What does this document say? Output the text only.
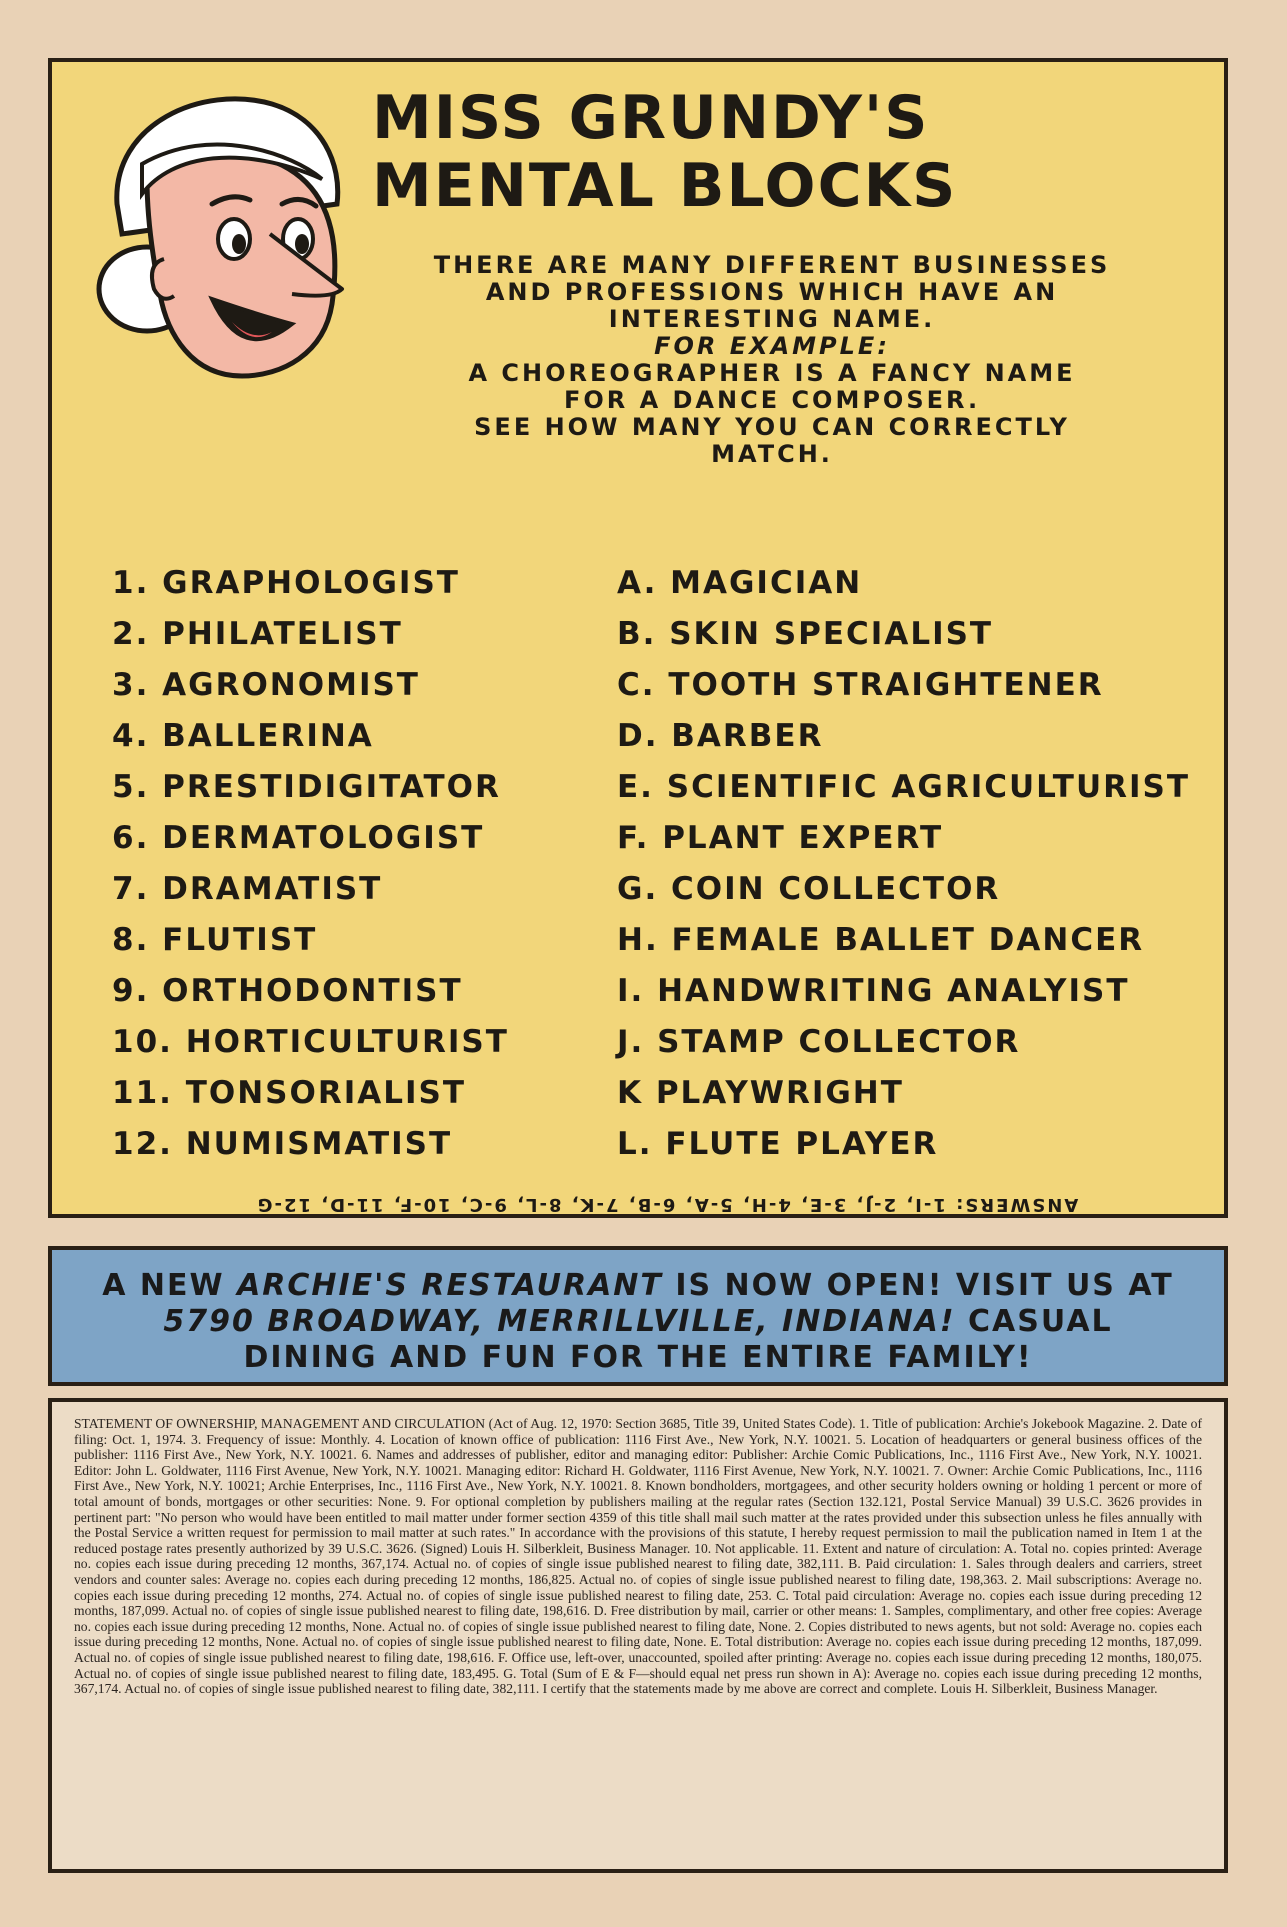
MISS GRUNDY'S
MENTAL BLOCKS
THERE ARE MANY DIFFERENT BUSINESSES
AND PROFESSIONS WHICH HAVE AN
INTERESTING NAME.
FOR EXAMPLE:
A CHOREOGRAPHER IS A FANCY NAME
FOR A DANCE COMPOSER.
SEE HOW MANY YOU CAN CORRECTLY
MATCH.
1. GRAPHOLOGIST
2. PHILATELIST
3. AGRONOMIST
4. BALLERINA
5. PRESTIDIGITATOR
6. DERMATOLOGIST
7. DRAMATIST
8. FLUTIST
9. ORTHODONTIST
10. HORTICULTURIST
11. TONSORIALIST
12. NUMISMATIST
A. MAGICIAN
B. SKIN SPECIALIST
C. TOOTH STRAIGHTENER
D. BARBER
E. SCIENTIFIC AGRICULTURIST
F. PLANT EXPERT
G. COIN COLLECTOR
H. FEMALE BALLET DANCER
I. HANDWRITING ANALYIST
J. STAMP COLLECTOR
K PLAYWRIGHT
L. FLUTE PLAYER
ANSWERS: 1-I, 2-J, 3-E, 4-H, 5-A, 6-B, 7-K, 8-L, 9-C, 10-F, 11-D, 12-G
A NEW ARCHIE'S RESTAURANT IS NOW OPEN! VISIT US AT 5790 BROADWAY, MERRILLVILLE, INDIANA! CASUAL DINING AND FUN FOR THE ENTIRE FAMILY!
STATEMENT OF OWNERSHIP, MANAGEMENT AND CIRCULATION (Act of Aug. 12, 1970: Section 3685, Title 39, United States Code). 1. Title of publication: Archie's Jokebook Magazine. 2. Date of filing: Oct. 1, 1974. 3. Frequency of issue: Monthly. 4. Location of known office of publication: 1116 First Ave., New York, N.Y. 10021. 5. Location of headquarters or general business offices of the publisher: 1116 First Ave., New York, N.Y. 10021. 6. Names and addresses of publisher, editor and managing editor: Publisher: Archie Comic Publications, Inc., 1116 First Ave., New York, N.Y. 10021. Editor: John L. Goldwater, 1116 First Avenue, New York, N.Y. 10021. Managing editor: Richard H. Goldwater, 1116 First Avenue, New York, N.Y. 10021. 7. Owner: Archie Comic Publications, Inc., 1116 First Ave., New York, N.Y. 10021; Archie Enterprises, Inc., 1116 First Ave., New York, N.Y. 10021. 8. Known bondholders, mortgagees, and other security holders owning or holding 1 percent or more of total amount of bonds, mortgages or other securities: None. 9. For optional completion by publishers mailing at the regular rates (Section 132.121, Postal Service Manual) 39 U.S.C. 3626 provides in pertinent part: "No person who would have been entitled to mail matter under former section 4359 of this title shall mail such matter at the rates provided under this subsection unless he files annually with the Postal Service a written request for permission to mail matter at such rates." In accordance with the provisions of this statute, I hereby request permission to mail the publication named in Item 1 at the reduced postage rates presently authorized by 39 U.S.C. 3626. (Signed) Louis H. Silberkleit, Business Manager. 10. Not applicable. 11. Extent and nature of circulation: A. Total no. copies printed: Average no. copies each issue during preceding 12 months, 367,174. Actual no. of copies of single issue published nearest to filing date, 382,111. B. Paid circulation: 1. Sales through dealers and carriers, street vendors and counter sales: Average no. copies each during preceding 12 months, 186,825. Actual no. of copies of single issue published nearest to filing date, 198,363. 2. Mail subscriptions: Average no. copies each issue during preceding 12 months, 274. Actual no. of copies of single issue published nearest to filing date, 253. C. Total paid circulation: Average no. copies each issue during preceding 12 months, 187,099. Actual no. of copies of single issue published nearest to filing date, 198,616. D. Free distribution by mail, carrier or other means: 1. Samples, complimentary, and other free copies: Average no. copies each issue during preceding 12 months, None. Actual no. of copies of single issue published nearest to filing date, None. 2. Copies distributed to news agents, but not sold: Average no. copies each issue during preceding 12 months, None. Actual no. of copies of single issue published nearest to filing date, None. E. Total distribution: Average no. copies each issue during preceding 12 months, 187,099. Actual no. of copies of single issue published nearest to filing date, 198,616. F. Office use, left-over, unaccounted, spoiled after printing: Average no. copies each issue during preceding 12 months, 180,075. Actual no. of copies of single issue published nearest to filing date, 183,495. G. Total (Sum of E & F—should equal net press run shown in A): Average no. copies each issue during preceding 12 months, 367,174. Actual no. of copies of single issue published nearest to filing date, 382,111. I certify that the statements made by me above are correct and complete. Louis H. Silberkleit, Business Manager.
